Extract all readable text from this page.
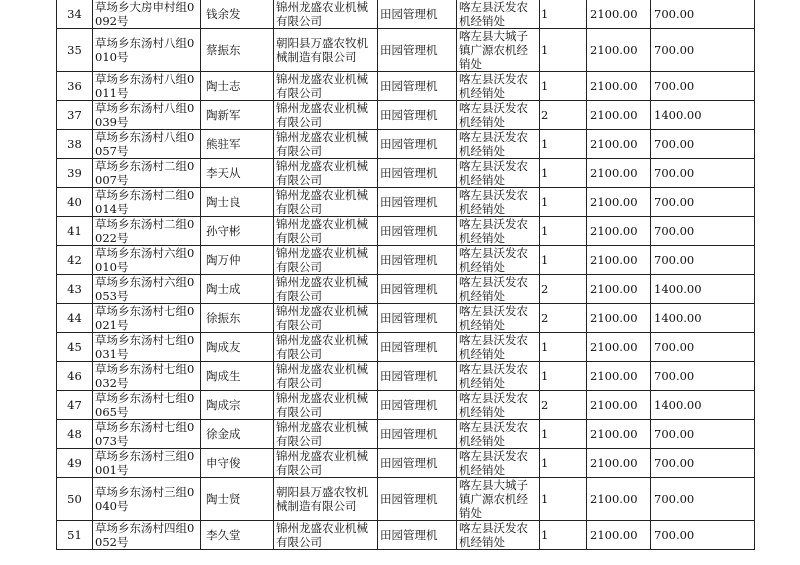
34	草场乡大房申村组0092号	钱余发	锦州龙盛农业机械有限公司	田园管理机	喀左县沃发农机经销处	1	2100.00	700.00
35	草场乡东汤村八组0010号	蔡振东	朝阳县万盛农牧机械制造有限公司	田园管理机	喀左县大城子镇广源农机经销处	1	2100.00	700.00
36	草场乡东汤村八组0011号	陶士志	锦州龙盛农业机械有限公司	田园管理机	喀左县沃发农机经销处	1	2100.00	700.00
37	草场乡东汤村八组0039号	陶新军	锦州龙盛农业机械有限公司	田园管理机	喀左县沃发农机经销处	2	2100.00	1400.00
38	草场乡东汤村八组0057号	熊驻军	锦州龙盛农业机械有限公司	田园管理机	喀左县沃发农机经销处	1	2100.00	700.00
39	草场乡东汤村二组0007号	李天从	锦州龙盛农业机械有限公司	田园管理机	喀左县沃发农机经销处	1	2100.00	700.00
40	草场乡东汤村二组0014号	陶士良	锦州龙盛农业机械有限公司	田园管理机	喀左县沃发农机经销处	1	2100.00	700.00
41	草场乡东汤村二组0022号	孙守彬	锦州龙盛农业机械有限公司	田园管理机	喀左县沃发农机经销处	1	2100.00	700.00
42	草场乡东汤村六组0010号	陶万仲	锦州龙盛农业机械有限公司	田园管理机	喀左县沃发农机经销处	1	2100.00	700.00
43	草场乡东汤村六组0053号	陶士成	锦州龙盛农业机械有限公司	田园管理机	喀左县沃发农机经销处	2	2100.00	1400.00
44	草场乡东汤村七组0021号	徐振东	锦州龙盛农业机械有限公司	田园管理机	喀左县沃发农机经销处	2	2100.00	1400.00
45	草场乡东汤村七组0031号	陶成友	锦州龙盛农业机械有限公司	田园管理机	喀左县沃发农机经销处	1	2100.00	700.00
46	草场乡东汤村七组0032号	陶成生	锦州龙盛农业机械有限公司	田园管理机	喀左县沃发农机经销处	1	2100.00	700.00
47	草场乡东汤村七组0065号	陶成宗	锦州龙盛农业机械有限公司	田园管理机	喀左县沃发农机经销处	2	2100.00	1400.00
48	草场乡东汤村七组0073号	徐金成	锦州龙盛农业机械有限公司	田园管理机	喀左县沃发农机经销处	1	2100.00	700.00
49	草场乡东汤村三组0001号	申守俊	锦州龙盛农业机械有限公司	田园管理机	喀左县沃发农机经销处	1	2100.00	700.00
50	草场乡东汤村三组0040号	陶士贤	朝阳县万盛农牧机械制造有限公司	田园管理机	喀左县大城子镇广源农机经销处	1	2100.00	700.00
51	草场乡东汤村四组0052号	李久堂	锦州龙盛农业机械有限公司	田园管理机	喀左县沃发农机经销处	1	2100.00	700.00
